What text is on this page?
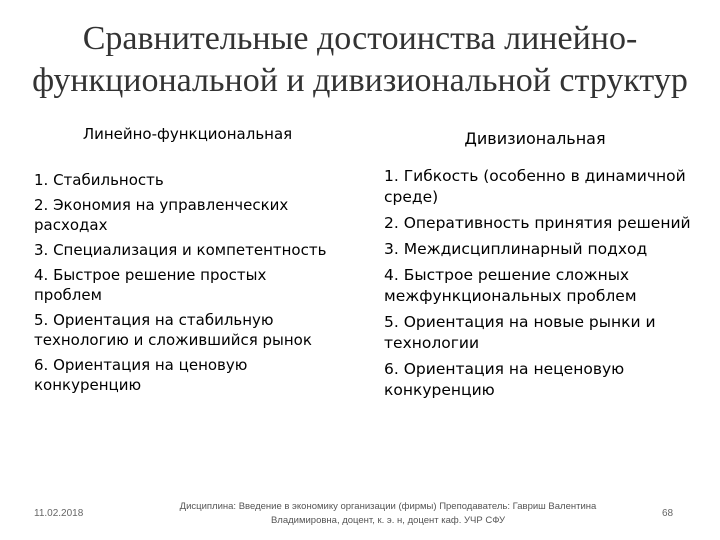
Сравнительные достоинства линейно-функциональной и дивизиональной структур
Линейно-функциональная	Дивизиональная
1. Стабильность
2. Экономия на управленческих расходах
3. Специализация и компетентность
4. Быстрое решение простых проблем
5. Ориентация на стабильную технологию и сложившийся рынок
6. Ориентация на ценовую конкуренцию
1. Гибкость (особенно в динамичной среде)
2. Оперативность принятия решений
3. Междисциплинарный подход
4. Быстрое решение сложных межфункциональных проблем
5. Ориентация на новые рынки и технологии
6. Ориентация на неценовую конкуренцию
11.02.2018
Дисциплина: Введение в экономику организации (фирмы) Преподаватель: Гавриш Валентина
Владимировна, доцент, к. э. н, доцент каф. УЧР СФУ
68
